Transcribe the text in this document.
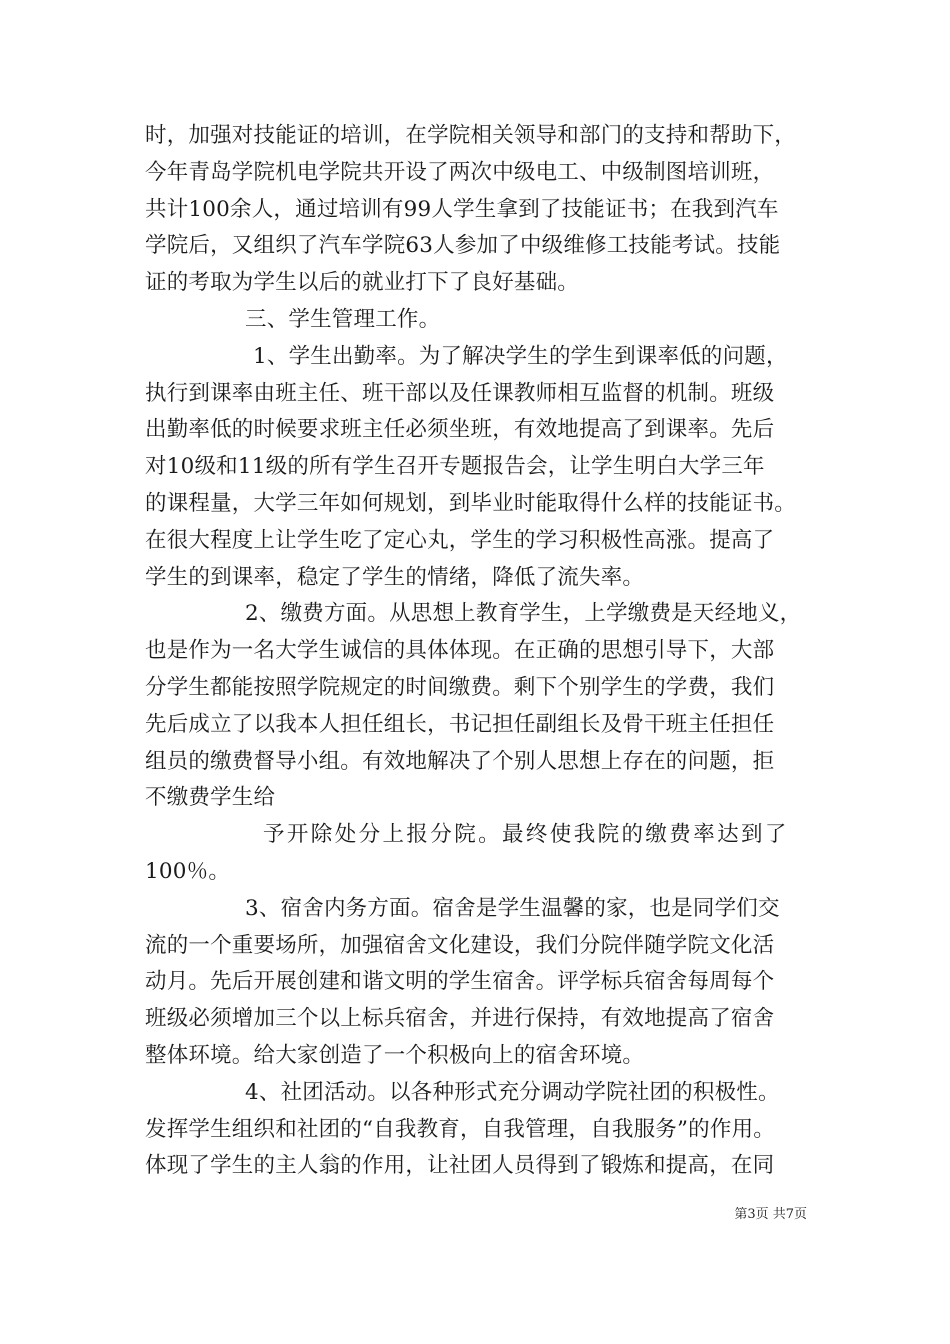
时，加强对技能证的培训，在学院相关领导和部门的支持和帮助下，
今年青岛学院机电学院共开设了两次中级电工、中级制图培训班，
共计100余人，通过培训有99人学生拿到了技能证书；在我到汽车
学院后，又组织了汽车学院63人参加了中级维修工技能考试。技能
证的考取为学生以后的就业打下了良好基础。
三、学生管理工作。
1、学生出勤率。为了解决学生的学生到课率低的问题，
执行到课率由班主任、班干部以及任课教师相互监督的机制。班级
出勤率低的时候要求班主任必须坐班，有效地提高了到课率。先后
对10级和11级的所有学生召开专题报告会，让学生明白大学三年
的课程量，大学三年如何规划，到毕业时能取得什么样的技能证书。
在很大程度上让学生吃了定心丸，学生的学习积极性高涨。提高了
学生的到课率，稳定了学生的情绪，降低了流失率。
2、缴费方面。从思想上教育学生，上学缴费是天经地义，
也是作为一名大学生诚信的具体体现。在正确的思想引导下，大部
分学生都能按照学院规定的时间缴费。剩下个别学生的学费，我们
先后成立了以我本人担任组长，书记担任副组长及骨干班主任担任
组员的缴费督导小组。有效地解决了个别人思想上存在的问题，拒
不缴费学生给
予开除处分上报分院。最终使我院的缴费率达到了
100％。
3、宿舍内务方面。宿舍是学生温馨的家，也是同学们交
流的一个重要场所，加强宿舍文化建设，我们分院伴随学院文化活
动月。先后开展创建和谐文明的学生宿舍。评学标兵宿舍每周每个
班级必须增加三个以上标兵宿舍，并进行保持，有效地提高了宿舍
整体环境。给大家创造了一个积极向上的宿舍环境。
4、社团活动。以各种形式充分调动学院社团的积极性。
发挥学生组织和社团的“自我教育，自我管理，自我服务”的作用。
体现了学生的主人翁的作用，让社团人员得到了锻炼和提高，在同
第3页 共7页
